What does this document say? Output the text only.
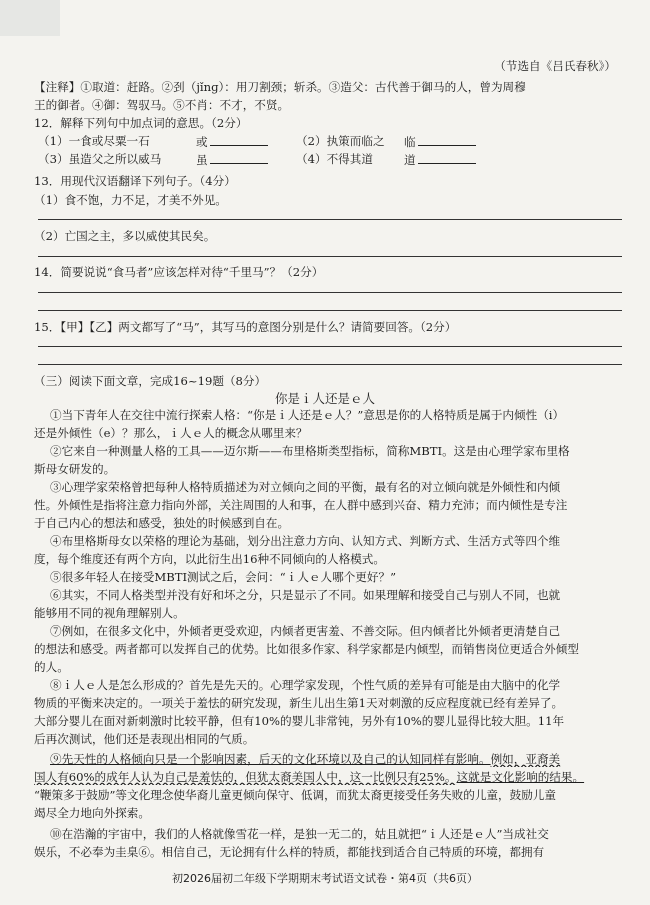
（节选自《吕氏春秋》）
【注释】①取道：赶路。②刭（jǐnɡ）：用刀割颈；斩杀。③造父：古代善于御马的人，曾为周穆
王的御者。④御：驾驭马。⑤不肖：不才，不贤。
12．解释下列句中加点词的意思。（2分）
（1）一食或尽粟一石	或	（2）执策而临之 临
（3）虽造父之所以威马	虽	（4）不得其道	道
13．用现代汉语翻译下列句子。（4分）
（1）食不饱，力不足，才美不外见。
（2）亡国之主，多以威使其民矣。
14．简要说说“食马者”应该怎样对待“千里马”？（2分）
15．【甲】【乙】两文都写了“马”，其写马的意图分别是什么？请简要回答。（2分）
（三）阅读下面文章，完成16~19题（8分）
你是ｉ人还是ｅ人
①当下青年人在交往中流行探索人格：“你是ｉ人还是ｅ人？”意思是你的人格特质是属于内倾性（i）
还是外倾性（e）？那么，ｉ人ｅ人的概念从哪里来？
②它来自一种测量人格的工具——迈尔斯——布里格斯类型指标，简称MBTI。这是由心理学家布里格
斯母女研发的。
③心理学家荣格曾把每种人格特质描述为对立倾向之间的平衡，最有名的对立倾向就是外倾性和内倾
性。外倾性是指将注意力指向外部，关注周围的人和事，在人群中感到兴奋、精力充沛；而内倾性是专注
于自己内心的想法和感受，独处的时候感到自在。
④布里格斯母女以荣格的理论为基础，划分出注意力方向、认知方式、判断方式、生活方式等四个维
度，每个维度还有两个方向，以此衍生出16种不同倾向的人格模式。
⑤很多年轻人在接受MBTI测试之后，会问：“ｉ人ｅ人哪个更好？”
⑥其实，不同人格类型并没有好和坏之分，只是显示了不同。如果理解和接受自己与别人不同，也就
能够用不同的视角理解别人。
⑦例如，在很多文化中，外倾者更受欢迎，内倾者更害羞、不善交际。但内倾者比外倾者更清楚自己
的想法和感受。两者都可以发挥自己的优势。比如很多作家、科学家都是内倾型，而销售岗位更适合外倾型
的人。
⑧ｉ人ｅ人是怎么形成的？首先是先天的。心理学家发现，个性气质的差异有可能是由大脑中的化学
物质的平衡来决定的。一项关于羞怯的研究发现，新生儿出生第1天对刺激的反应程度就已经有差异了。
大部分婴儿在面对新刺激时比较平静，但有10%的婴儿非常钝，另外有10%的婴儿显得比较大胆。11年
后再次测试，他们还是表现出相同的气质。
⑨先天性的人格倾向只是一个影响因素，后天的文化环境以及自己的认知同样有影响。例如，亚裔美
国人有60%的成年人认为自己是羞怯的，但犹太裔美国人中，这一比例只有25%。这就是文化影响的结果。
“鞭策多于鼓励”等文化理念使华裔儿童更倾向保守、低调，而犹太裔更接受任务失败的儿童，鼓励儿童
竭尽全力地向外探索。
⑩在浩瀚的宇宙中，我们的人格就像雪花一样，是独一无二的，姑且就把“ｉ人还是ｅ人”当成社交
娱乐，不必奉为圭臬⑥。相信自己，无论拥有什么样的特质，都能找到适合自己特质的环境，都拥有
初2026届初二年级下学期期末考试语文试卷・第4页（共6页）
